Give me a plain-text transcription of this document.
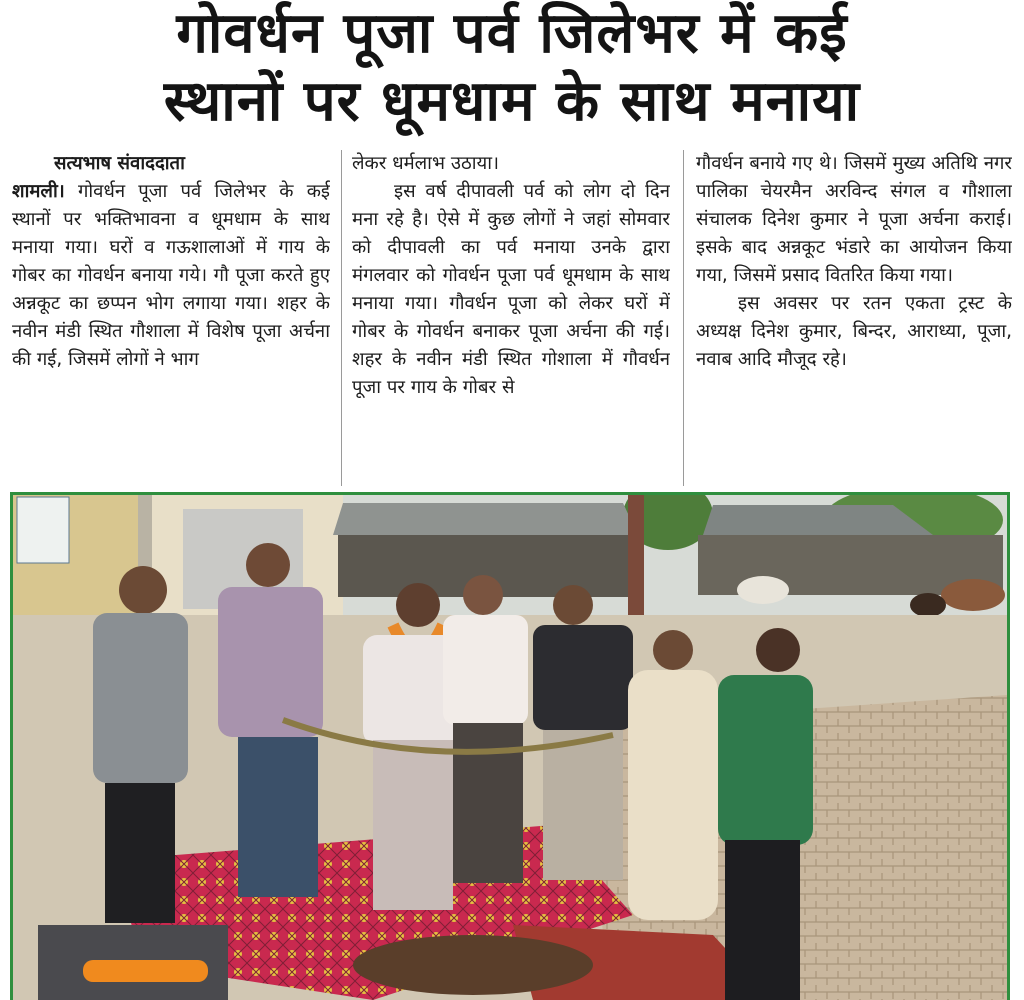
गोवर्धन पूजा पर्व जिलेभर में कई
स्थानों पर धूमधाम के साथ मनाया
सत्यभाष संवाददाता

शामली। गोवर्धन पूजा पर्व जिलेभर के कई स्थानों पर भक्तिभावना व धूमधाम के साथ मनाया गया। घरों व गऊशालाओं में गाय के गोबर का गोवर्धन बनाया गये। गौ पूजा करते हुए अन्नकूट का छप्पन भोग लगाया गया। शहर के नवीन मंडी स्थित गौशाला में विशेष पूजा अर्चना की गई, जिसमें लोगों ने भाग

लेकर धर्मलाभ उठाया।

इस वर्ष दीपावली पर्व को लोग दो दिन मना रहे है। ऐसे में कुछ लोगों ने जहां सोमवार को दीपावली का पर्व मनाया उनके द्वारा मंगलवार को गोवर्धन पूजा पर्व धूमधाम के साथ मनाया गया। गौवर्धन पूजा को लेकर घरों में गोबर के गोवर्धन बनाकर पूजा अर्चना की गई। शहर के नवीन मंडी स्थित गोशाला में गौवर्धन पूजा पर गाय के गोबर से

गौवर्धन बनाये गए थे। जिसमें मुख्य अतिथि नगर पालिका चेयरमैन अरविन्द संगल व गौशाला संचालक दिनेश कुमार ने पूजा अर्चना कराई। इसके बाद अन्नकूट भंडारे का आयोजन किया गया, जिसमें प्रसाद वितरित किया गया।

इस अवसर पर रतन एकता ट्रस्ट के अध्यक्ष दिनेश कुमार, बिन्दर, आराध्या, पूजा, नवाब आदि मौजूद रहे।
